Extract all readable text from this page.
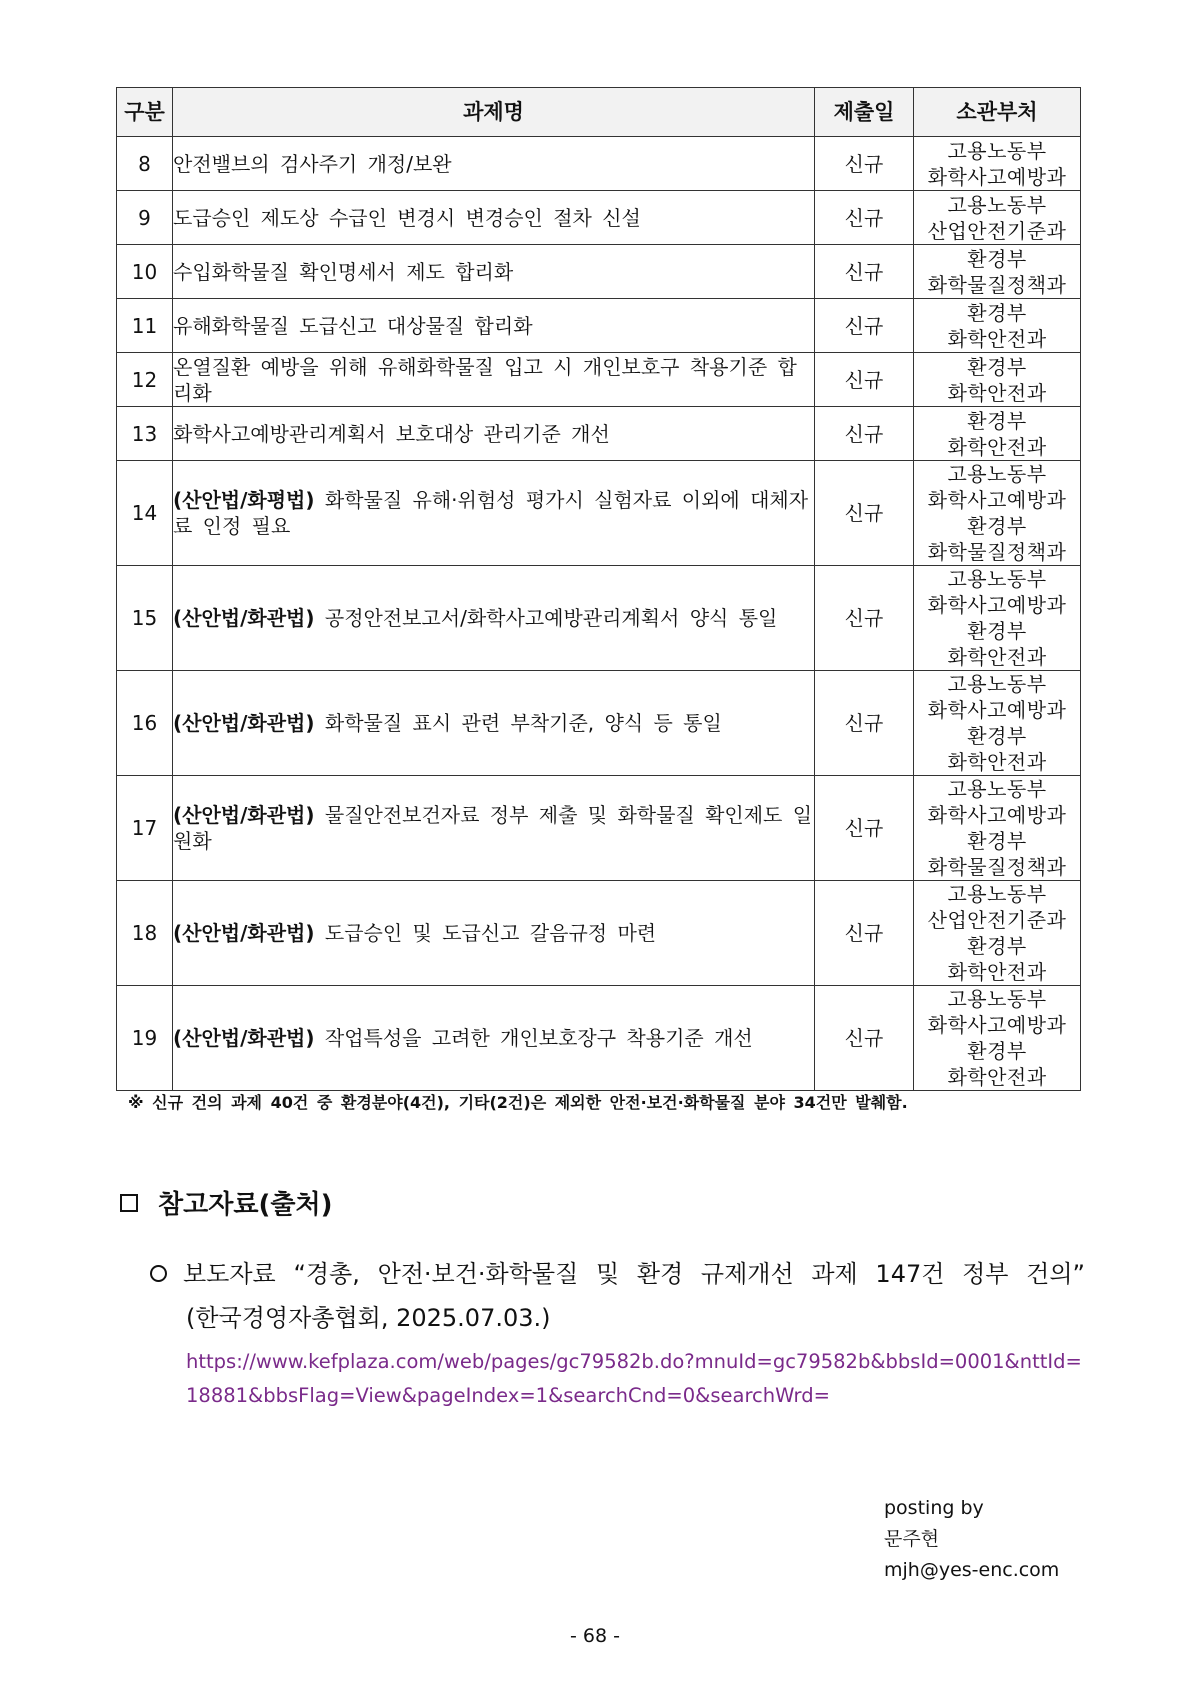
구분	과제명	제출일	소관부처
8	안전밸브의 검사주기 개정/보완	신규	고용노동부
화학사고예방과

9	도급승인 제도상 수급인 변경시 변경승인 절차 신설	신규	고용노동부
산업안전기준과

10	수입화학물질 확인명세서 제도 합리화	신규	환경부
화학물질정책과

11	유해화학물질 도급신고 대상물질 합리화	신규	환경부
화학안전과

12	온열질환 예방을 위해 유해화학물질 입고 시 개인보호구 착용기준 합리화	신규	환경부
화학안전과

13	화학사고예방관리계획서 보호대상 관리기준 개선	신규	환경부
화학안전과

14	(산안법/화평법) 화학물질 유해·위험성 평가시 실험자료 이외에 대체자료 인정 필요	신규	고용노동부
화학사고예방과
환경부
화학물질정책과

15	(산안법/화관법) 공정안전보고서/화학사고예방관리계획서 양식 통일	신규	고용노동부
화학사고예방과
환경부
화학안전과

16	(산안법/화관법) 화학물질 표시 관련 부착기준, 양식 등 통일	신규	고용노동부
화학사고예방과
환경부
화학안전과

17	(산안법/화관법) 물질안전보건자료 정부 제출 및 화학물질 확인제도 일원화	신규	고용노동부
화학사고예방과
환경부
화학물질정책과

18	(산안법/화관법) 도급승인 및 도급신고 갈음규정 마련	신규	고용노동부
산업안전기준과
환경부
화학안전과

19	(산안법/화관법) 작업특성을 고려한 개인보호장구 착용기준 개선	신규	고용노동부
화학사고예방과
환경부
화학안전과
※ 신규 건의 과제 40건 중 환경분야(4건), 기타(2건)은 제외한 안전·보건·화학물질 분야 34건만 발췌함.
참고자료(출처)
보도자료 “경총, 안전·보건·화학물질 및 환경 규제개선 과제 147건 정부 건의”
(한국경영자총협회, 2025.07.03.)
https://www.kefplaza.com/web/pages/gc79582b.do?mnuId=gc79582b&bbsId=0001&nttId=18881&bbsFlag=View&pageIndex=1&searchCnd=0&searchWrd=
posting by
문주현
mjh@yes-enc.com
- 68 -
